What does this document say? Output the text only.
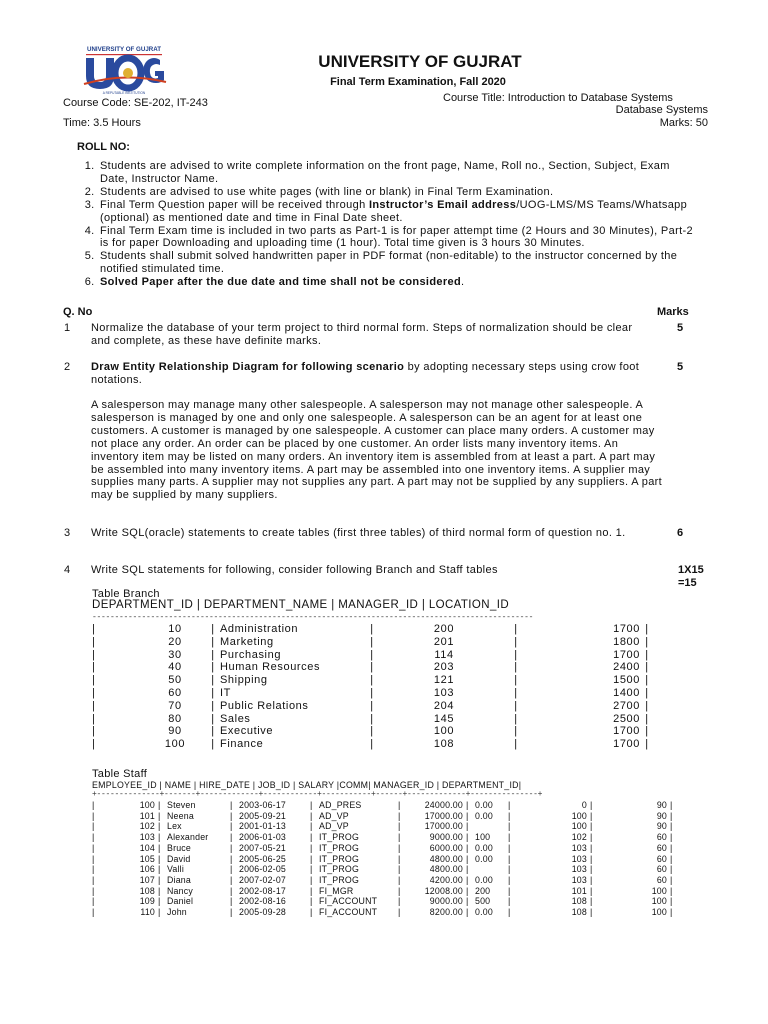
UNIVERSITY OF GUJRAT
A REPUTABLE INSTITUTION
UNIVERSITY OF GUJRAT
Final Term Examination, Fall 2020
Course Title: Introduction to Database Systems
Database Systems
Course Code: SE-202, IT-243
Marks: 50
Time: 3.5 Hours
ROLL NO:
1. Students are advised to write complete information on the front page, Name, Roll no., Section, Subject, Exam Date, Instructor Name.
2. Students are advised to use white pages (with line or blank) in Final Term Examination.
3. Final Term Question paper will be received through Instructor’s Email address/UOG-LMS/MS Teams/Whatsapp (optional) as mentioned date and time in Final Date sheet.
4. Final Term Exam time is included in two parts as Part-1 is for paper attempt time (2 Hours and 30 Minutes), Part-2 is for paper Downloading and uploading time (1 hour). Total time given is 3 hours 30 Minutes.
5. Students shall submit solved handwritten paper in PDF format (non-editable) to the instructor concerned by the notified stimulated time.
6. Solved Paper after the due date and time shall not be considered.
Q. No	Marks
1 Normalize the database of your term project to third normal form. Steps of normalization should be clear and complete, as these have definite marks.
5
2 Draw Entity Relationship Diagram for following scenario by adopting necessary steps using crow foot notations.
5
A salesperson may manage many other salespeople. A salesperson may not manage other salespeople. A salesperson is managed by one and only one salespeople. A salesperson can be an agent for at least one customers. A customer is managed by one salespeople. A customer can place many orders. A customer may not place any order. An order can be placed by one customer. An order lists many inventory items. An inventory item may be listed on many orders. An inventory item is assembled from at least a part. A part may be assembled into many inventory items. A part may be assembled into one inventory items. A supplier may supplies many parts. A supplier may not supplies any part. A part may not be supplied by any suppliers. A part may be supplied by many suppliers.
3 Write SQL(oracle) statements to create tables (first three tables) of third normal form of question no. 1.	6
4 Write SQL statements for following, consider following Branch and Staff tables	1X15
=15
Table Branch
DEPARTMENT_ID | DEPARTMENT_NAME | MANAGER_ID | LOCATION_ID
--------------------------------------------------------------------------------------------------
|	10	|	Administration	|	200	|	1700	|
|	20	|	Marketing	|	201	|	1800	|
|	30	|	Purchasing	|	114	|	1700	|
|	40	|	Human Resources	|	203	|	2400	|
|	50	|	Shipping	|	121	|	1500	|
|	60	|	IT	|	103	|	1400	|
|	70	|	Public Relations	|	204	|	2700	|
|	80	|	Sales	|	145	|	2500	|
|	90	|	Executive	|	100	|	1700	|
|	100	|	Finance	|	108	|	1700	|
Table Staff
EMPLOYEE_ID | NAME | HIRE_DATE | JOB_ID | SALARY |COMM| MANAGER_ID | DEPARTMENT_ID|
+--------------+-------+-------------+------------+-----------+------+-------------+---------------+
|	100	|	Steven	|	2003-06-17	|	AD_PRES	|	24000.00	|	0.00	|	0	|	90	|
|	101	|	Neena	|	2005-09-21	|	AD_VP	|	17000.00	|	0.00	|	100	|	90	|
|	102	|	Lex	|	2001-01-13	|	AD_VP	|	17000.00	|		|	100	|	90	|
|	103	|	Alexander	|	2006-01-03	|	IT_PROG	|	9000.00	|	100	|	102	|	60	|
|	104	|	Bruce	|	2007-05-21	|	IT_PROG	|	6000.00	|	0.00	|	103	|	60	|
|	105	|	David	|	2005-06-25	|	IT_PROG	|	4800.00	|	0.00	|	103	|	60	|
|	106	|	Valli	|	2006-02-05	|	IT_PROG	|	4800.00	|		|	103	|	60	|
|	107	|	Diana	|	2007-02-07	|	IT_PROG	|	4200.00	|	0.00	|	103	|	60	|
|	108	|	Nancy	|	2002-08-17	|	FI_MGR	|	12008.00	|	200	|	101	|	100	|
|	109	|	Daniel	|	2002-08-16	|	FI_ACCOUNT	|	9000.00	|	500	|	108	|	100	|
|	110	|	John	|	2005-09-28	|	FI_ACCOUNT	|	8200.00	|	0.00	|	108	|	100	|
